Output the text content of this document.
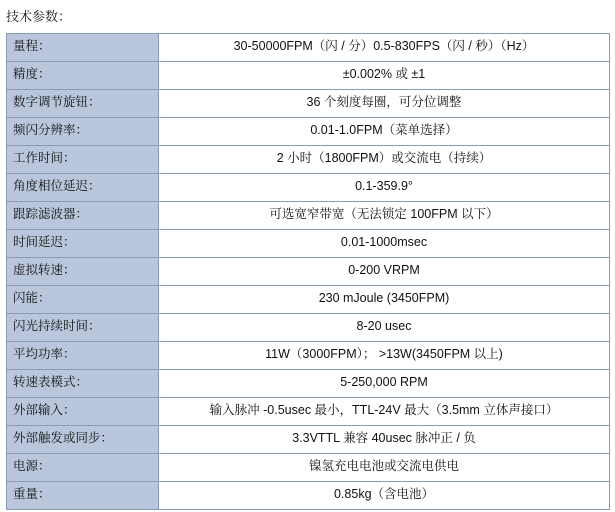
技术参数：
量程：	30-50000FPM（闪 / 分）0.5-830FPS（闪 / 秒）（Hz）
精度：	±0.002% 或 ±1
数字调节旋钮：	36 个刻度每圈，可分位调整
频闪分辨率：	0.01-1.0FPM（菜单选择）
工作时间：	2 小时（1800FPM）或交流电（持续）
角度相位延迟：	0.1-359.9°
跟踪滤波器：	可选宽窄带宽（无法锁定 100FPM 以下）
时间延迟：	0.01-1000msec
虚拟转速：	0-200 VRPM
闪能：	230 mJoule (3450FPM)
闪光持续时间：	8-20 usec
平均功率：	11W（3000FPM）； >13W(3450FPM 以上)
转速表模式：	5-250,000 RPM
外部输入：	输入脉冲 -0.5usec 最小，TTL-24V 最大（3.5mm 立体声接口）
外部触发或同步：	3.3VTTL 兼容 40usec 脉冲正 / 负
电源：	镍氢充电电池或交流电供电
重量：	0.85kg（含电池）
